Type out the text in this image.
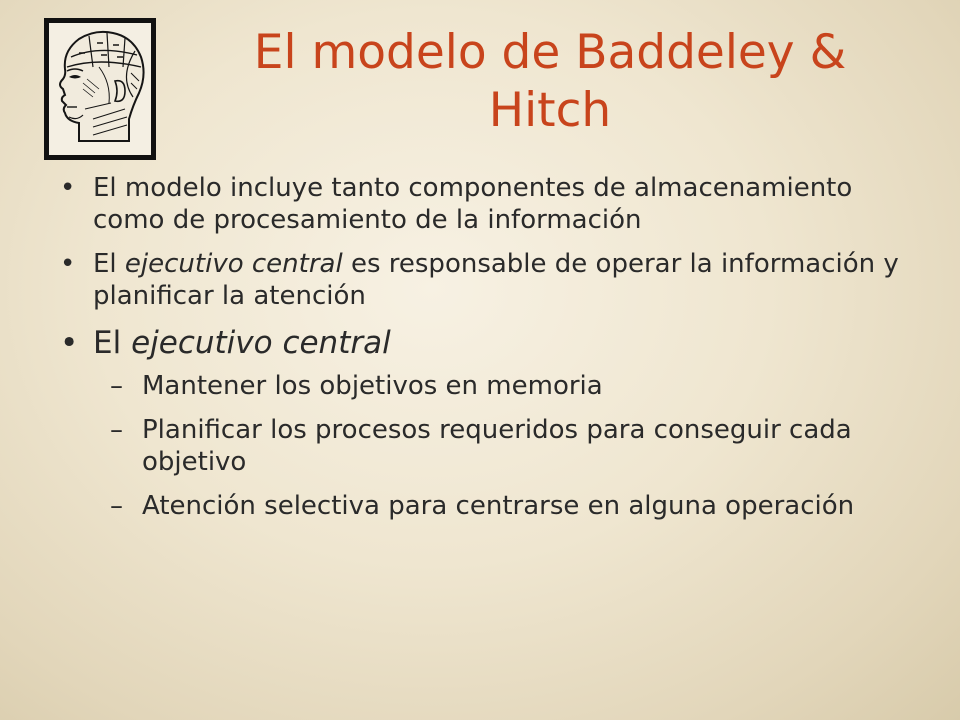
El modelo de Baddeley & Hitch
• El modelo incluye tanto componentes de almacenamiento como de procesamiento de la información
• El ejecutivo central es responsable de operar la información y planificar la atención
• El ejecutivo central
– Mantener los objetivos en memoria
– Planificar los procesos requeridos para conseguir cada objetivo
– Atención selectiva para centrarse en alguna operación
